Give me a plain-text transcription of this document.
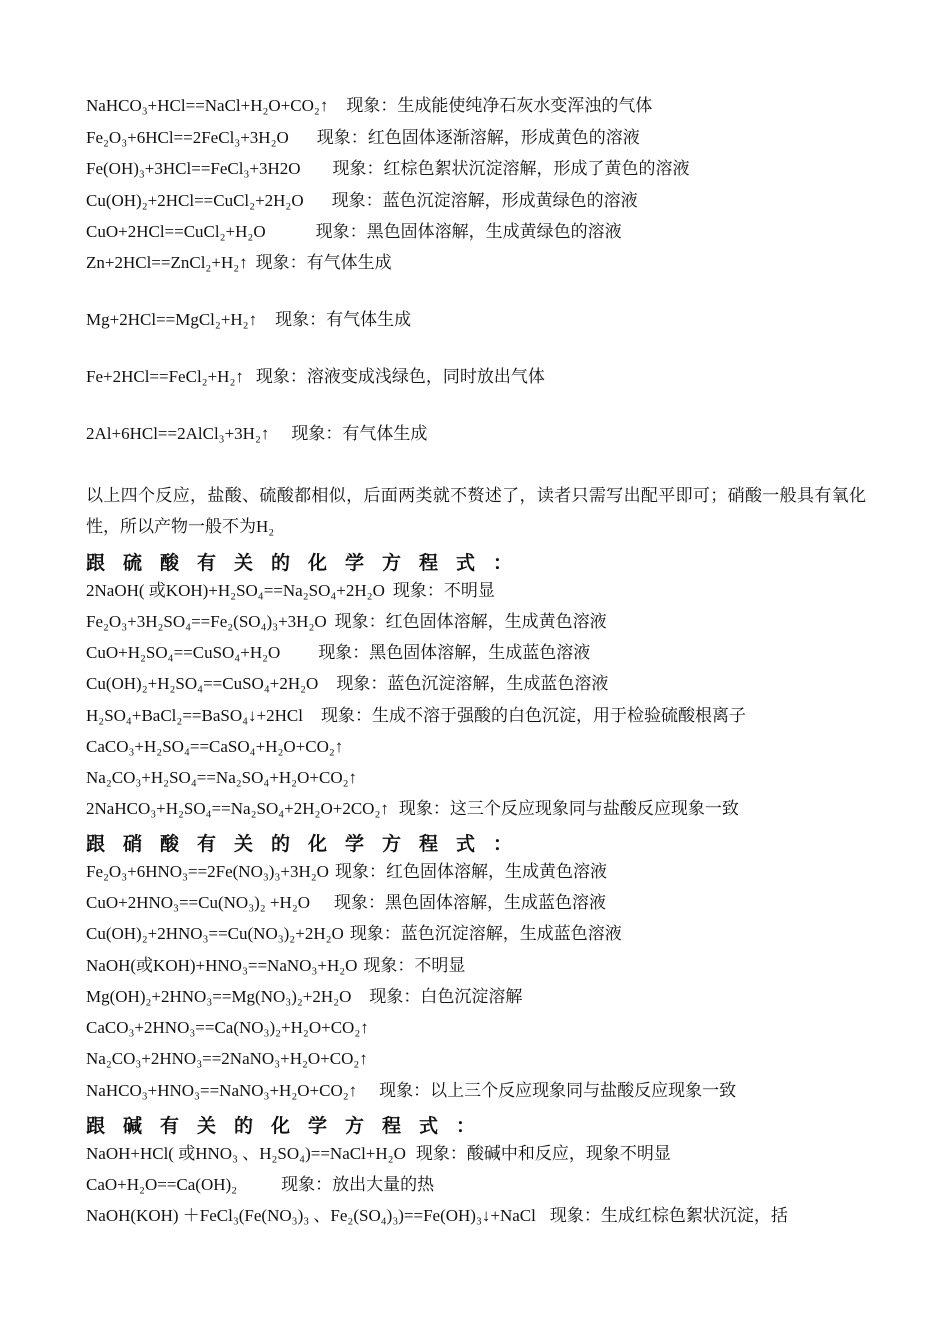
以上四个反应，盐酸、硫酸都相似，后面两类就不赘述了，读者只需写出配平即可；硝酸一般具有氧化性，所以产物一般不为H₂
跟硫酸有关的化学方程式：
跟硝酸有关的化学方程式：
跟碱有关的化学方程式：
NaHCO₃+HCl==NaCl+H₂O+CO₂↑ 现象：生成能使纯净石灰水变浑浊的气体
Fe₂O₃+6HCl==2FeCl₃+3H₂O 现象：红色固体逐渐溶解，形成黄色的溶液
Fe(OH)₃+3HCl==FeCl₃+3H2O 现象：红棕色絮状沉淀溶解，形成了黄色的溶液
Cu(OH)₂+2HCl==CuCl₂+2H₂O 现象：蓝色沉淀溶解，形成黄绿色的溶液
CuO+2HCl==CuCl₂+H₂O	现象：黑色固体溶解，生成黄绿色的溶液
Zn+2HCl==ZnCl₂+H₂↑ 现象：有气体生成
Mg+2HCl==MgCl₂+H₂↑ 现象：有气体生成
Fe+2HCl==FeCl₂+H₂↑ 现象：溶液变成浅绿色，同时放出气体
2Al+6HCl==2AlCl₃+3H₂↑ 现象：有气体生成
2NaOH( 或KOH)+H₂SO₄==Na₂SO₄+2H₂O 现象：不明显
Fe₂O₃+3H₂SO₄==Fe₂(SO₄)₃+3H₂O 现象：红色固体溶解，生成黄色溶液
CuO+H₂SO₄==CuSO₄+H₂O 现象：黑色固体溶解，生成蓝色溶液
Cu(OH)₂+H₂SO₄==CuSO₄+2H₂O 现象：蓝色沉淀溶解，生成蓝色溶液
H₂SO₄+BaCl₂==BaSO₄↓+2HCl 现象：生成不溶于强酸的白色沉淀，用于检验硫酸根离子
CaCO₃+H₂SO₄==CaSO₄+H₂O+CO₂↑
Na₂CO₃+H₂SO₄==Na₂SO₄+H₂O+CO₂↑
2NaHCO₃+H₂SO₄==Na₂SO₄+2H₂O+2CO₂↑ 现象：这三个反应现象同与盐酸反应现象一致
Fe₂O₃+6HNO₃==2Fe(NO₃)₃+3H₂O 现象：红色固体溶解，生成黄色溶液
CuO+2HNO₃==Cu(NO₃)₂ +H₂O 现象：黑色固体溶解，生成蓝色溶液
Cu(OH)₂+2HNO₃==Cu(NO₃)₂+2H₂O 现象：蓝色沉淀溶解，生成蓝色溶液
NaOH(或KOH)+HNO₃==NaNO₃+H₂O 现象：不明显
Mg(OH)₂+2HNO₃==Mg(NO₃)₂+2H₂O 现象：白色沉淀溶解
CaCO₃+2HNO₃==Ca(NO₃)₂+H₂O+CO₂↑
Na₂CO₃+2HNO₃==2NaNO₃+H₂O+CO₂↑
NaHCO₃+HNO₃==NaNO₃+H₂O+CO₂↑ 现象：以上三个反应现象同与盐酸反应现象一致
NaOH+HCl( 或HNO₃ 、H₂SO₄)==NaCl+H₂O 现象：酸碱中和反应，现象不明显
CaO+H₂O==Ca(OH)₂	现象：放出大量的热
NaOH(KOH) ＋FeCl₃(Fe(NO₃)₃ 、Fe₂(SO₄)₃)==Fe(OH)₃↓+NaCl 现象：生成红棕色絮状沉淀，括
